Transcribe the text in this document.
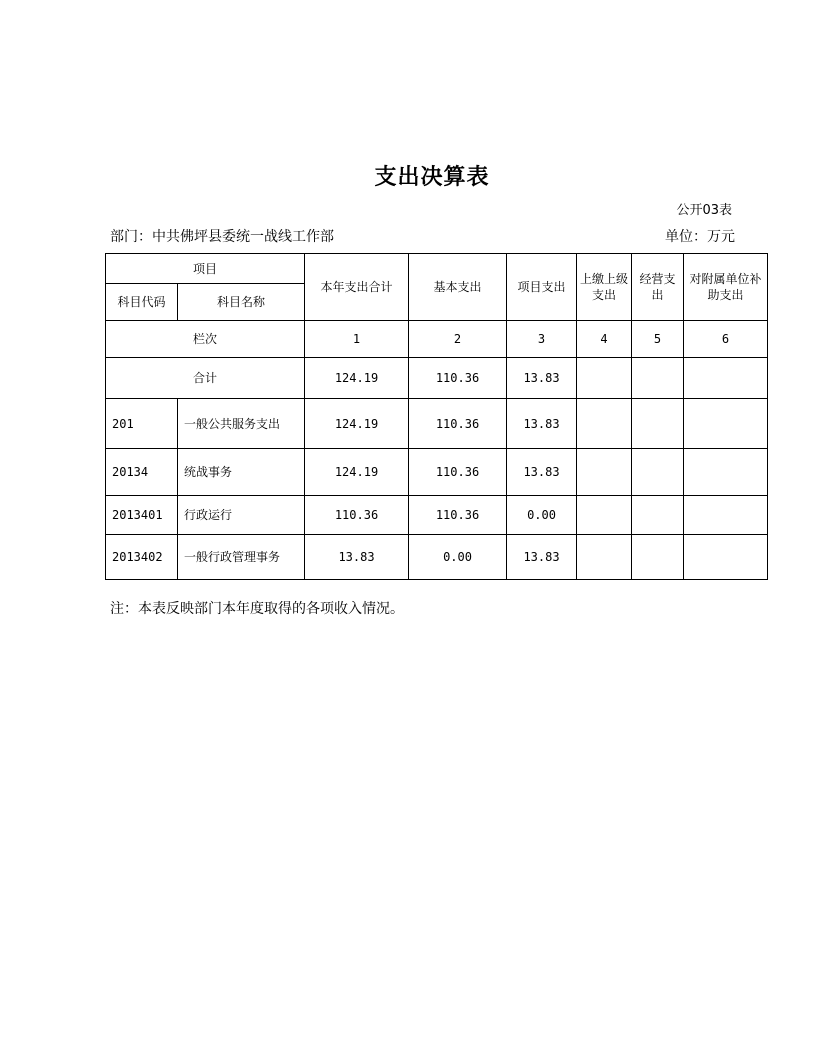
支出决算表
公开03表
部门：中共佛坪县委统一战线工作部	单位：万元
项目		本年支出合计	基本支出	项目支出	上缴上级支出	经营支出	对附属单位补助支出
科目代码	科目名称						
栏次		1	2	3	4	5	6
合计		124.19	110.36	13.83			
201	一般公共服务支出	124.19	110.36	13.83			
20134	统战事务	124.19	110.36	13.83			
2013401	行政运行	110.36	110.36	0.00			
2013402	一般行政管理事务	13.83	0.00	13.83			
注：本表反映部门本年度取得的各项收入情况。
